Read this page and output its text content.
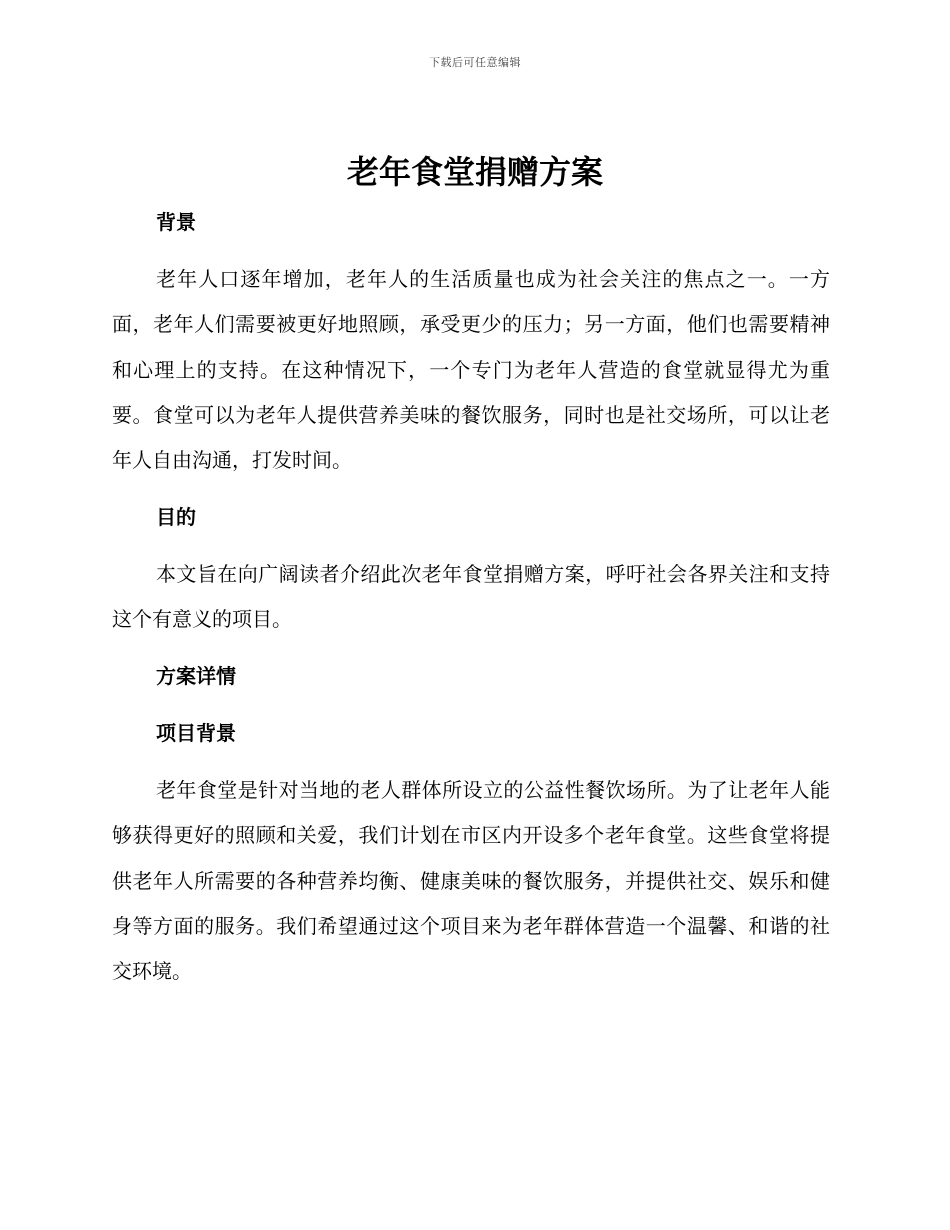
下载后可任意编辑
老年食堂捐赠方案
背景

老年人口逐年增加，老年人的生活质量也成为社会关注的焦点之一。一方面，老年人们需要被更好地照顾，承受更少的压力；另一方面，他们也需要精神和心理上的支持。在这种情况下，一个专门为老年人营造的食堂就显得尤为重要。食堂可以为老年人提供营养美味的餐饮服务，同时也是社交场所，可以让老年人自由沟通，打发时间。

目的

本文旨在向广阔读者介绍此次老年食堂捐赠方案，呼吁社会各界关注和支持这个有意义的项目。

方案详情
项目背景

老年食堂是针对当地的老人群体所设立的公益性餐饮场所。为了让老年人能够获得更好的照顾和关爱，我们计划在市区内开设多个老年食堂。这些食堂将提供老年人所需要的各种营养均衡、健康美味的餐饮服务，并提供社交、娱乐和健身等方面的服务。我们希望通过这个项目来为老年群体营造一个温馨、和谐的社交环境。
